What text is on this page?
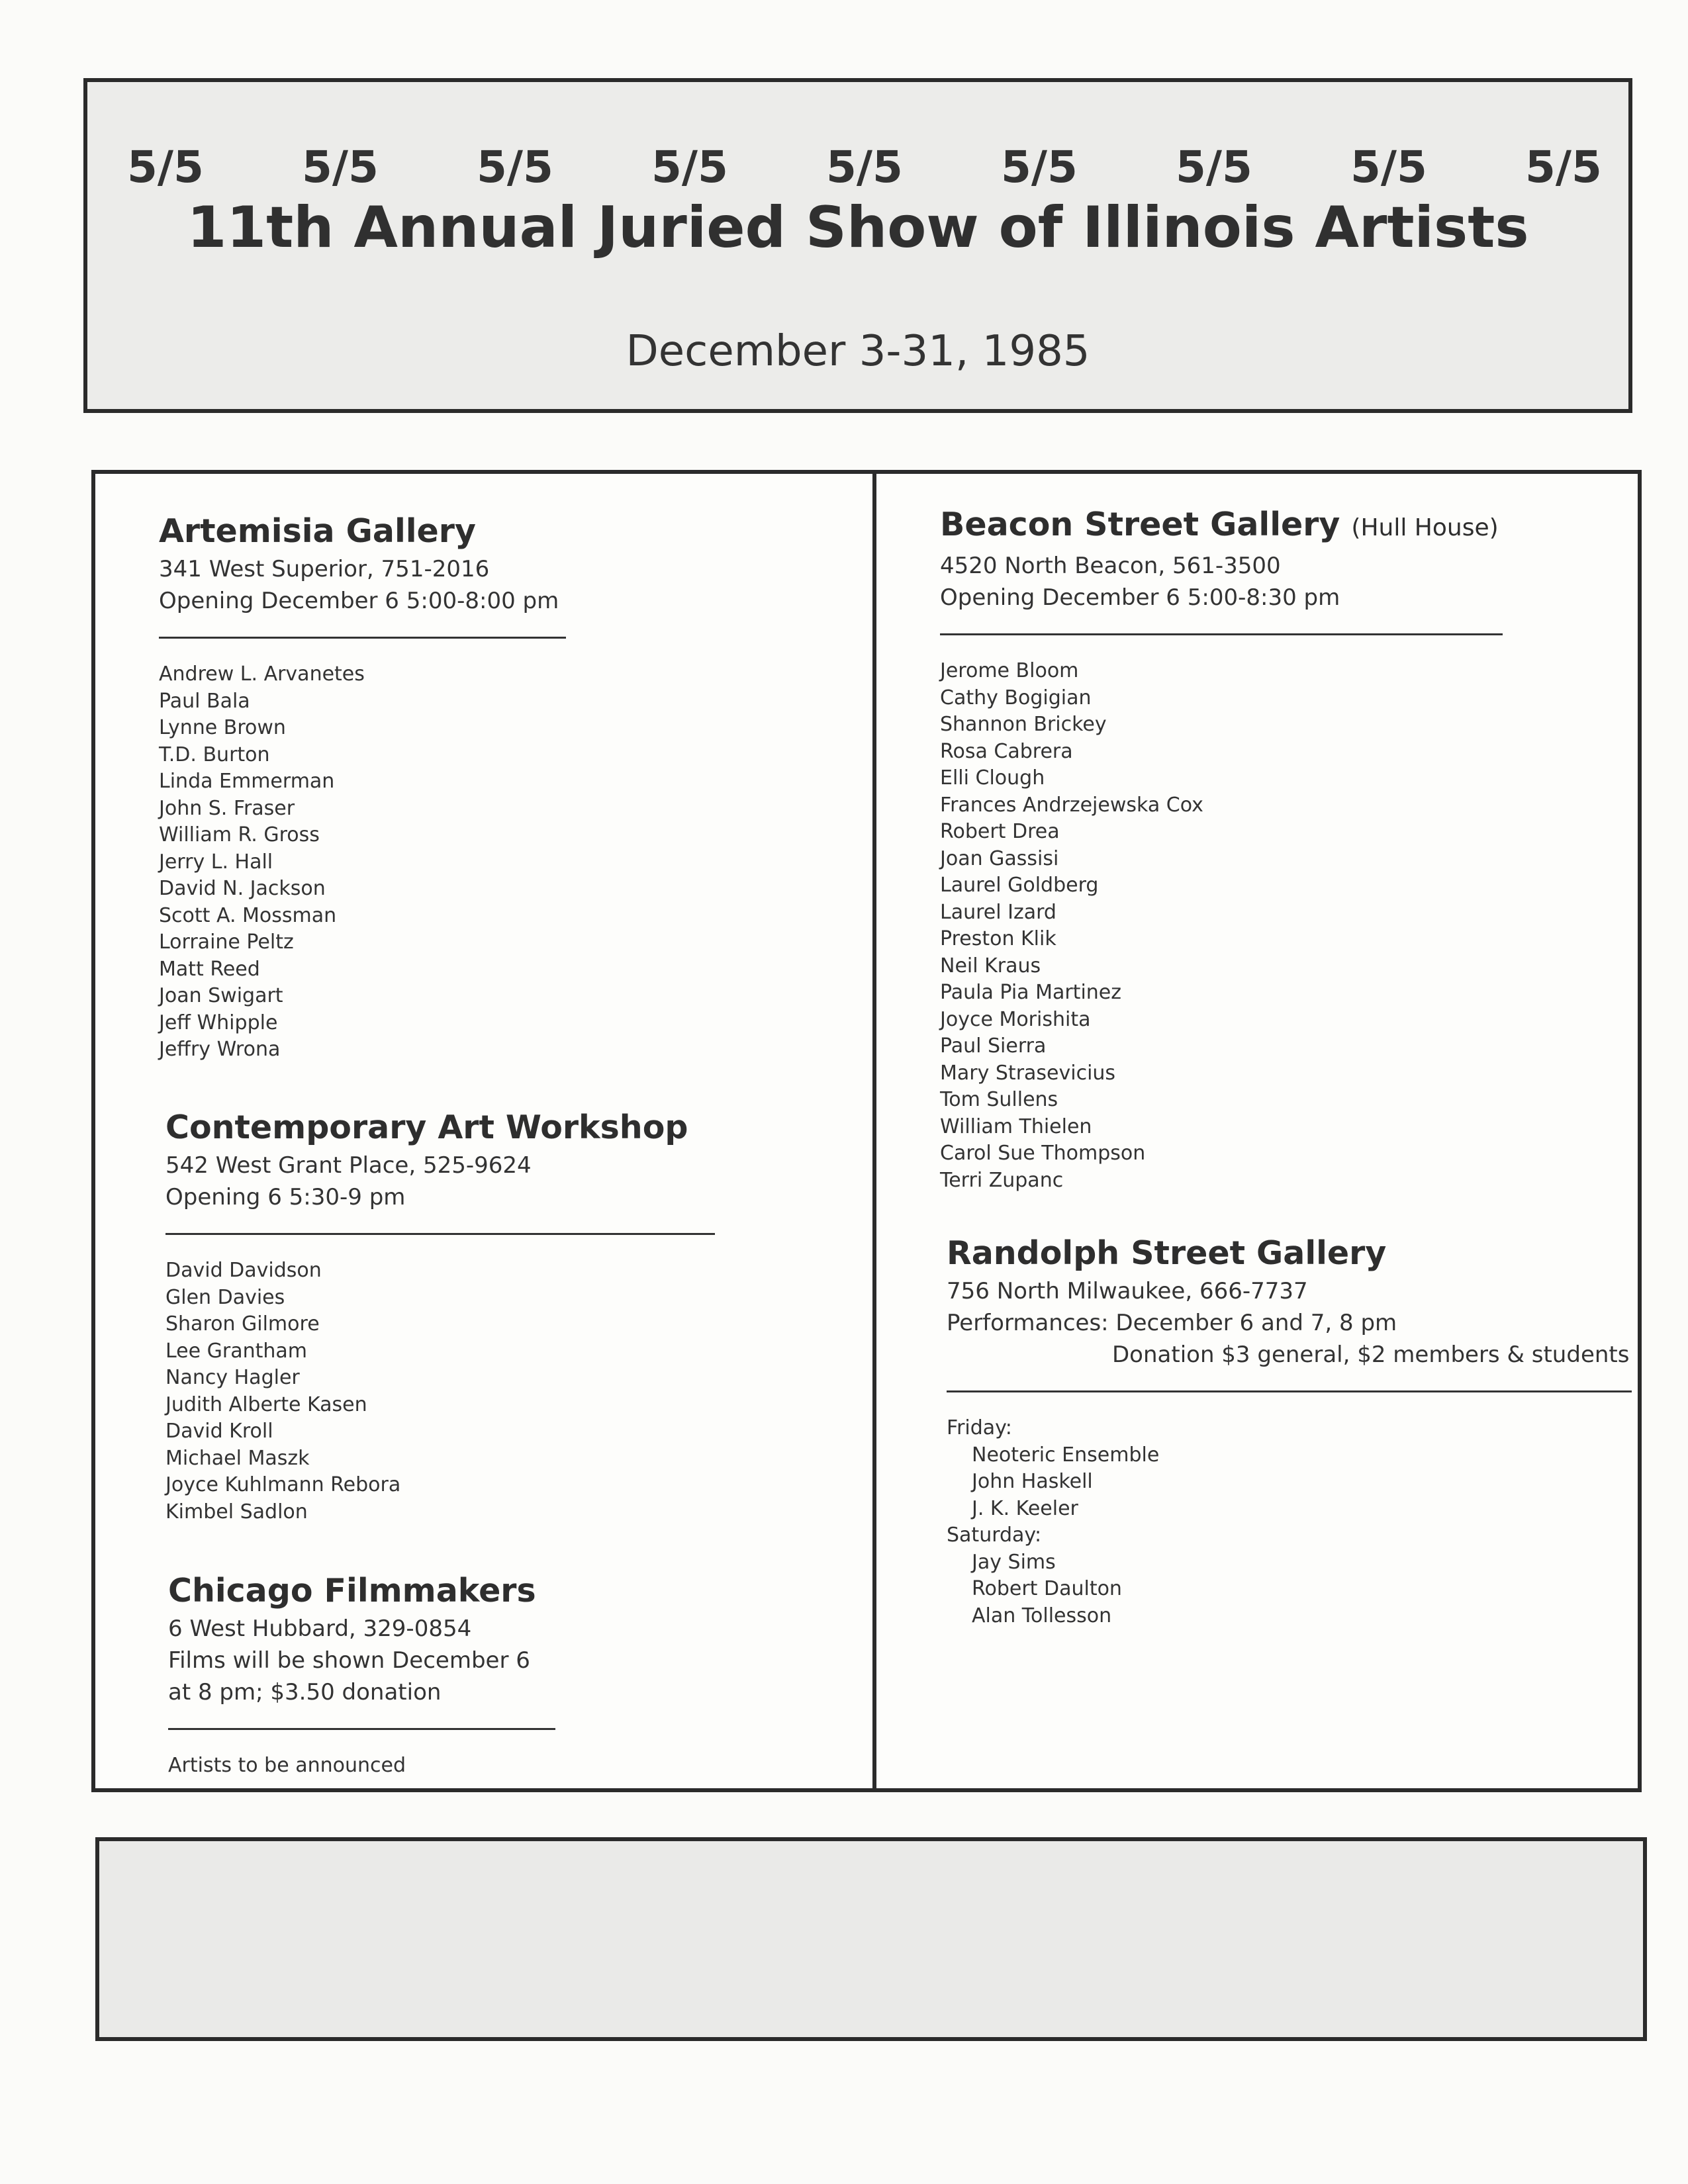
5/5 5/5 5/5 5/5 5/5 5/5 5/5 5/5 5/5
11th Annual Juried Show of Illinois Artists
December 3-31, 1985
Artemisia Gallery
341 West Superior, 751-2016
Opening December 6 5:00-8:00 pm
Andrew L. Arvanetes
Paul Bala
Lynne Brown
T.D. Burton
Linda Emmerman
John S. Fraser
William R. Gross
Jerry L. Hall
David N. Jackson
Scott A. Mossman
Lorraine Peltz
Matt Reed
Joan Swigart
Jeff Whipple
Jeffry Wrona
Contemporary Art Workshop
542 West Grant Place, 525-9624
Opening 6 5:30-9 pm
David Davidson
Glen Davies
Sharon Gilmore
Lee Grantham
Nancy Hagler
Judith Alberte Kasen
David Kroll
Michael Maszk
Joyce Kuhlmann Rebora
Kimbel Sadlon
Chicago Filmmakers
6 West Hubbard, 329-0854
Films will be shown December 6
at 8 pm; $3.50 donation
Artists to be announced
Beacon Street Gallery (Hull House)
4520 North Beacon, 561-3500
Opening December 6 5:00-8:30 pm
Jerome Bloom
Cathy Bogigian
Shannon Brickey
Rosa Cabrera
Elli Clough
Frances Andrzejewska Cox
Robert Drea
Joan Gassisi
Laurel Goldberg
Laurel Izard
Preston Klik
Neil Kraus
Paula Pia Martinez
Joyce Morishita
Paul Sierra
Mary Strasevicius
Tom Sullens
William Thielen
Carol Sue Thompson
Terri Zupanc
Randolph Street Gallery
756 North Milwaukee, 666-7737
Performances: December 6 and 7, 8 pm
Donation $3 general, $2 members & students
Friday:
Neoteric Ensemble
John Haskell
J. K. Keeler
Saturday:
Jay Sims
Robert Daulton
Alan Tollesson
